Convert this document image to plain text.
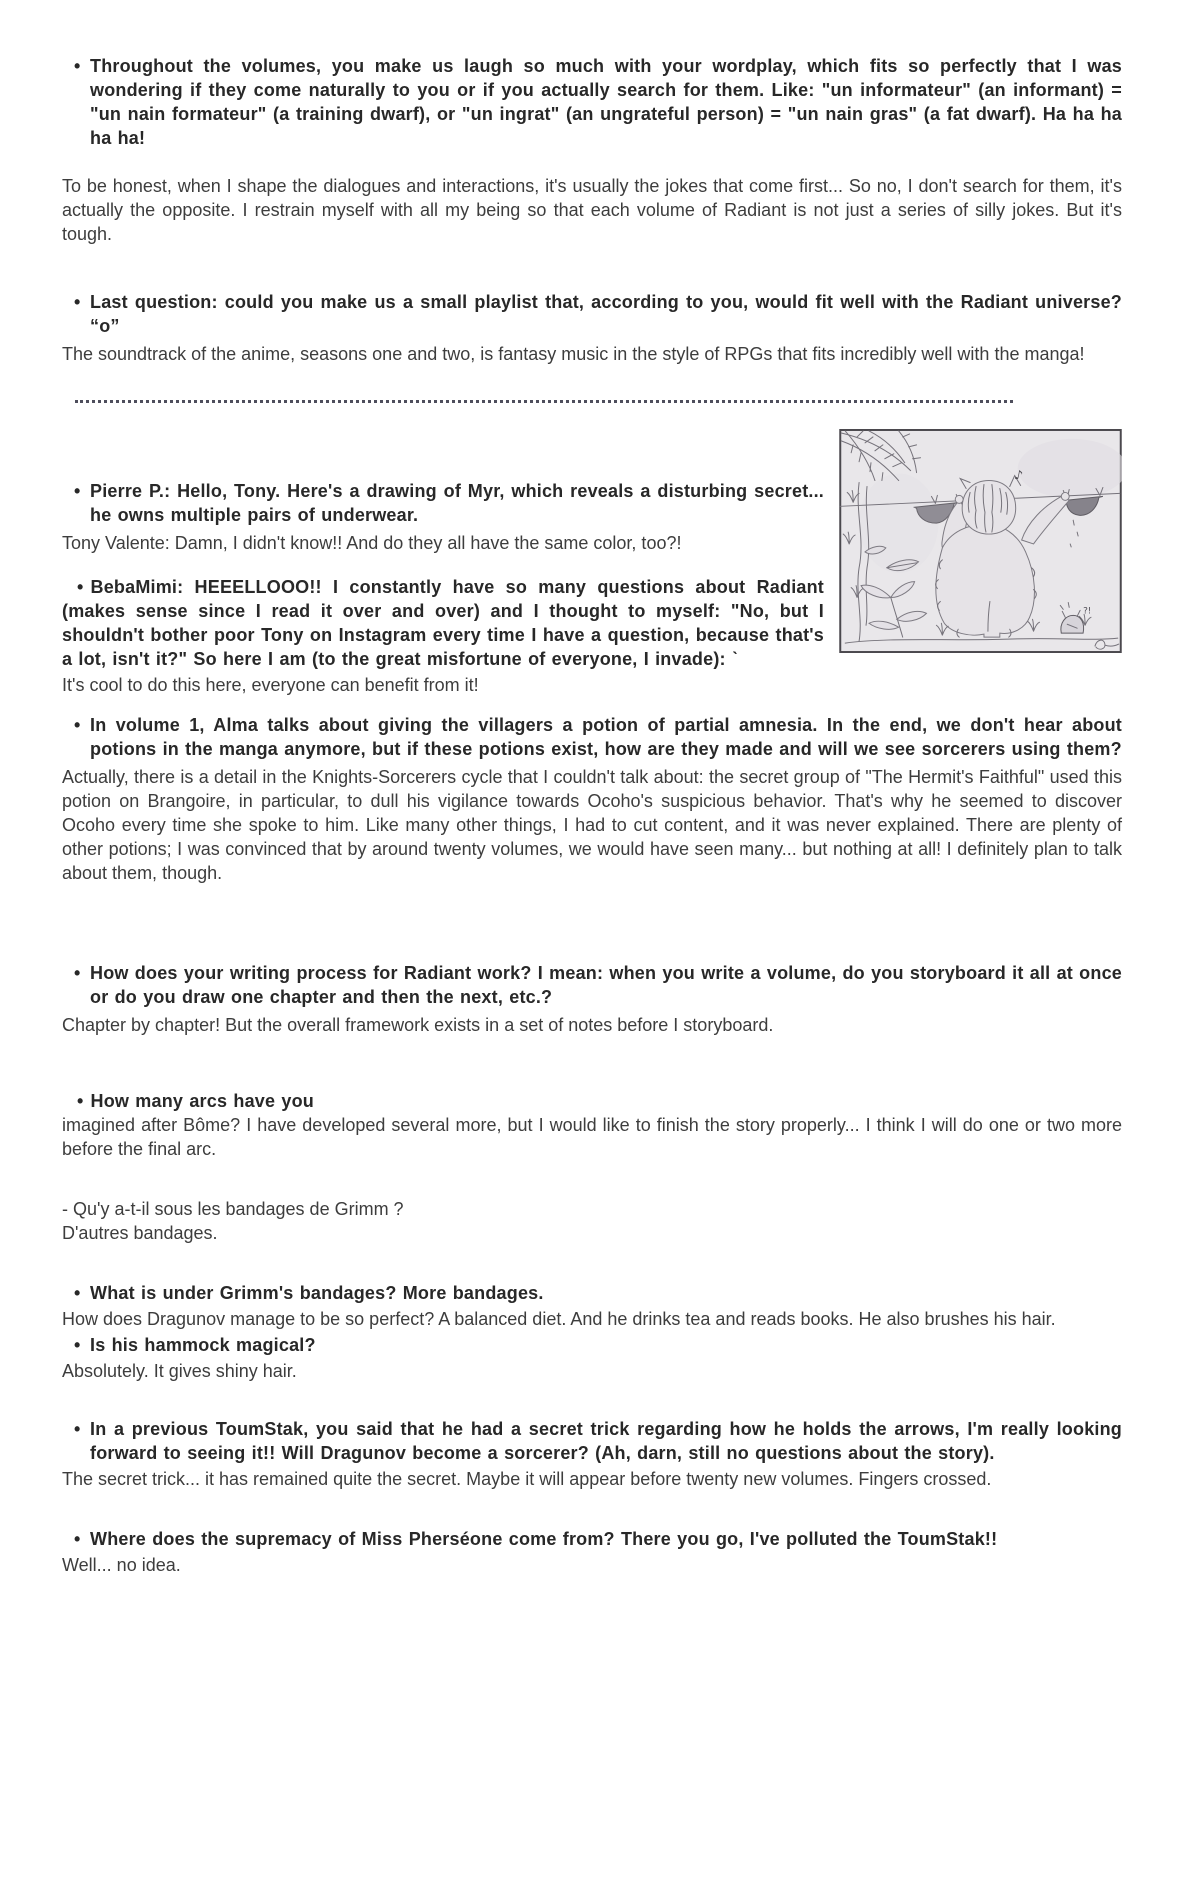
• Throughout the volumes, you make us laugh so much with your wordplay, which fits so perfectly that I was wondering if they come naturally to you or if you actually search for them. Like: "un informateur" (an informant) = "un nain formateur" (a training dwarf), or "un ingrat" (an ungrateful person) = "un nain gras" (a fat dwarf). Ha ha ha ha ha!

To be honest, when I shape the dialogues and interactions, it's usually the jokes that come first... So no, I don't search for them, it's actually the opposite. I restrain myself with all my being so that each volume of Radiant is not just a series of silly jokes. But it's tough.

• Last question: could you make us a small playlist that, according to you, would fit well with the Radiant universe? “o”

The soundtrack of the anime, seasons one and two, is fantasy music in the style of RPGs that fits incredibly well with the manga!

♪
?!

• Pierre P.: Hello, Tony. Here's a drawing of Myr, which reveals a disturbing secret... he owns multiple pairs of underwear.

Tony Valente: Damn, I didn't know!! And do they all have the same color, too?!

• BebaMimi: HEEELLOOO!! I constantly have so many questions about Radiant (makes sense since I read it over and over) and I thought to myself: "No, but I shouldn't bother poor Tony on Instagram every time I have a question, because that's a lot, isn't it?" So here I am (to the great misfortune of everyone, I invade): ˋ

It's cool to do this here, everyone can benefit from it!

• In volume 1, Alma talks about giving the villagers a potion of partial amnesia. In the end, we don't hear about potions in the manga anymore, but if these potions exist, how are they made and will we see sorcerers using them?

Actually, there is a detail in the Knights-Sorcerers cycle that I couldn't talk about: the secret group of "The Hermit's Faithful" used this potion on Brangoire, in particular, to dull his vigilance towards Ocoho's suspicious behavior. That's why he seemed to discover Ocoho every time she spoke to him. Like many other things, I had to cut content, and it was never explained. There are plenty of other potions; I was convinced that by around twenty volumes, we would have seen many... but nothing at all! I definitely plan to talk about them, though.

• How does your writing process for Radiant work? I mean: when you write a volume, do you storyboard it all at once or do you draw one chapter and then the next, etc.?

Chapter by chapter! But the overall framework exists in a set of notes before I storyboard.

• How many arcs have you
imagined after Bôme? I have developed several more, but I would like to finish the story properly... I think I will do one or two more before the final arc.

- Qu'y a-t-il sous les bandages de Grimm ?

D'autres bandages.

• What is under Grimm's bandages? More bandages.

How does Dragunov manage to be so perfect? A balanced diet. And he drinks tea and reads books. He also brushes his hair.

• Is his hammock magical?

Absolutely. It gives shiny hair.

• In a previous ToumStak, you said that he had a secret trick regarding how he holds the arrows, I'm really looking forward to seeing it!! Will Dragunov become a sorcerer? (Ah, darn, still no questions about the story).

The secret trick... it has remained quite the secret. Maybe it will appear before twenty new volumes. Fingers crossed.

• Where does the supremacy of Miss Pherséone come from? There you go, I've polluted the ToumStak!!

Well... no idea.
